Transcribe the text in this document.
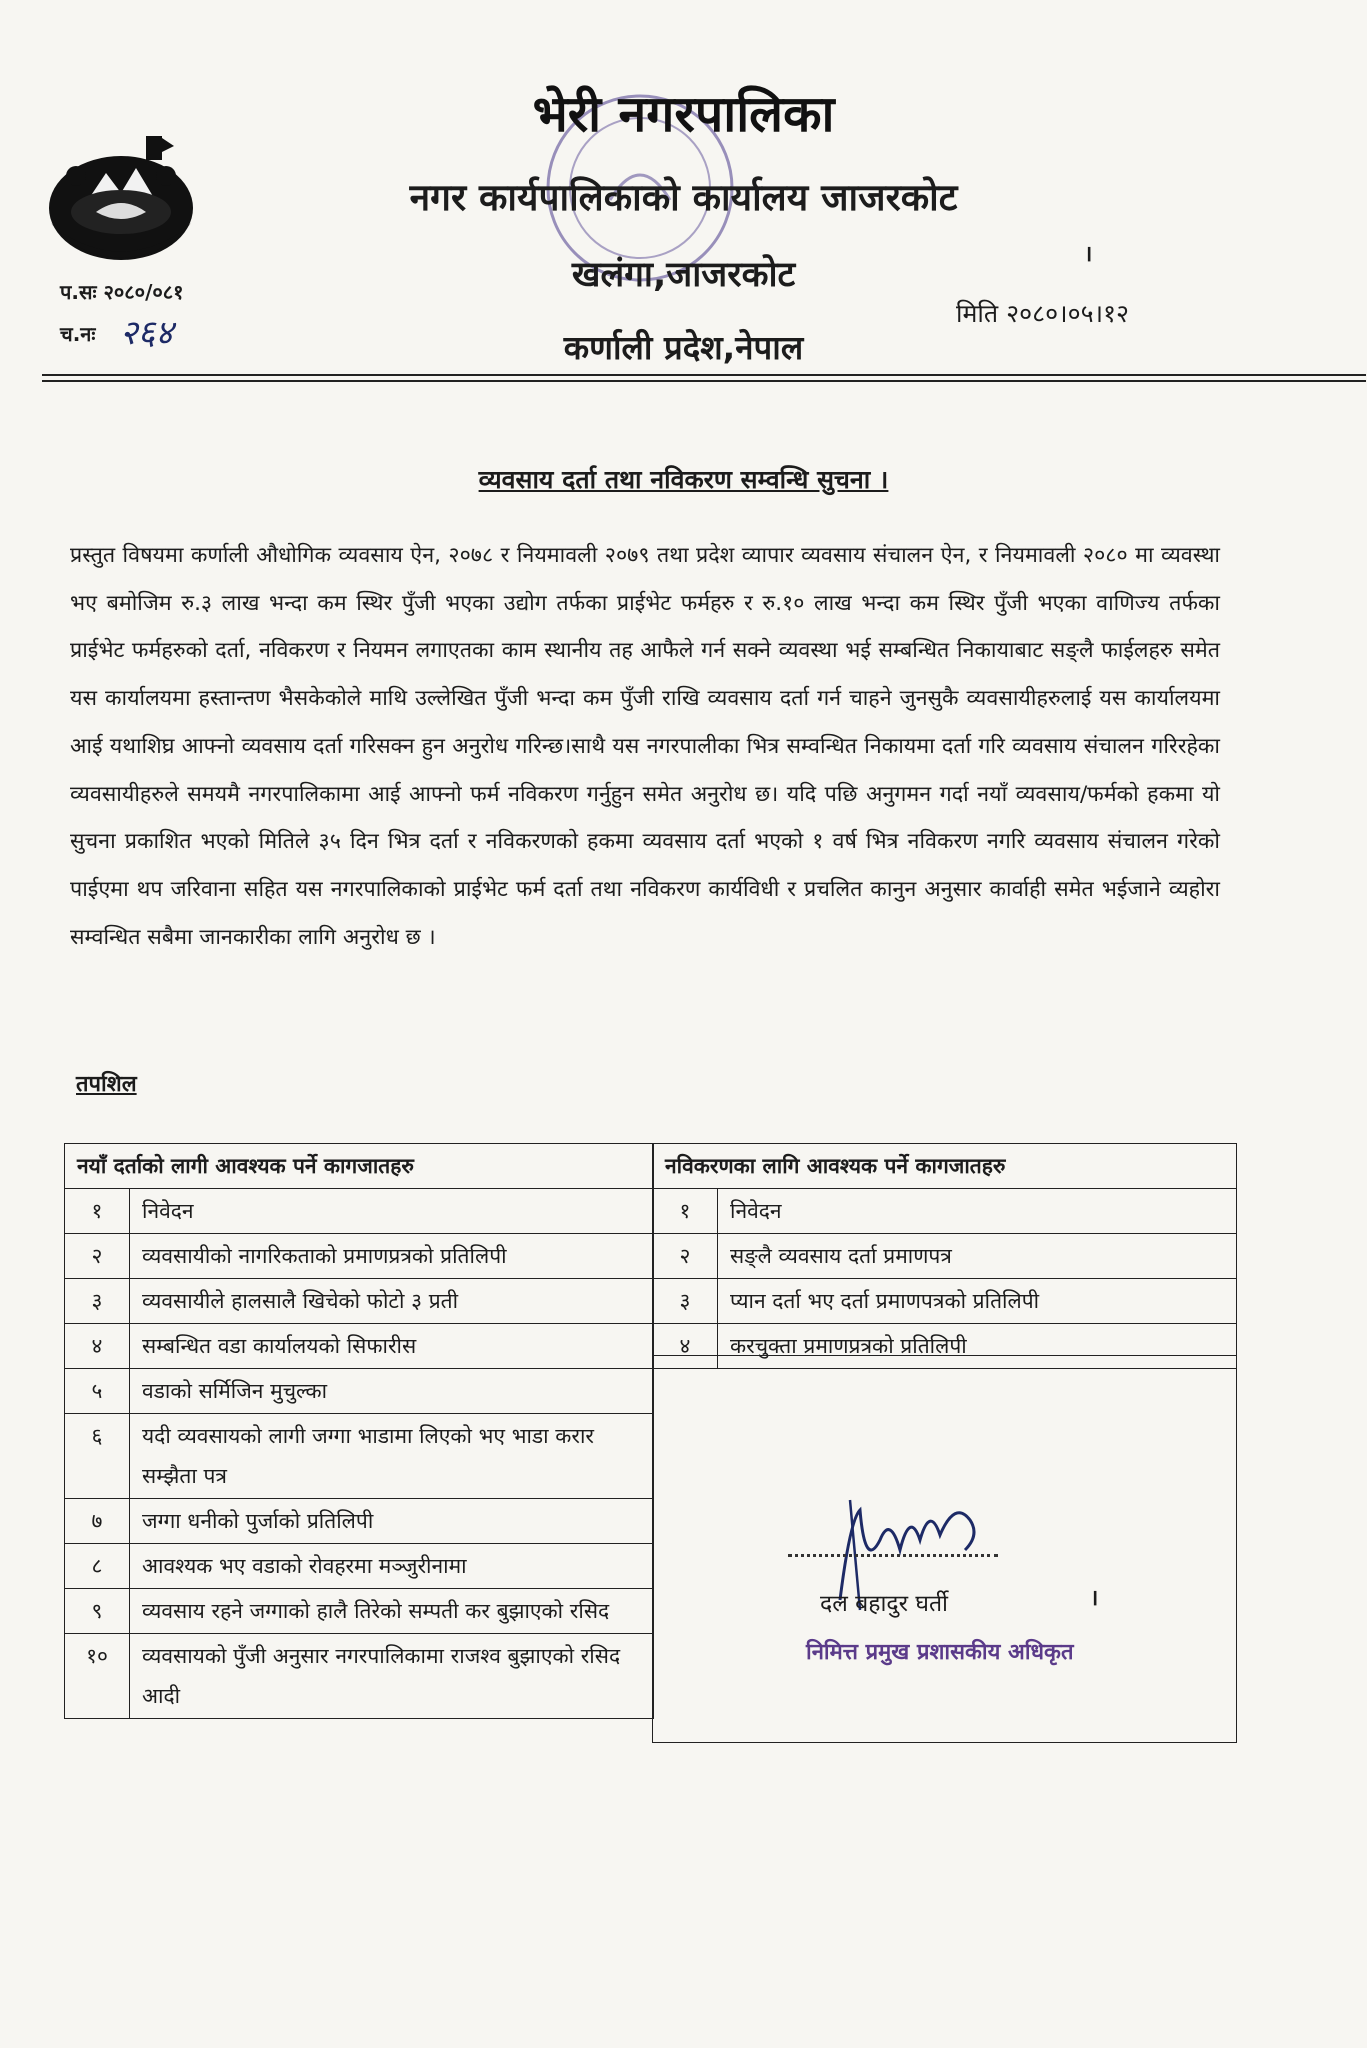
भेरी नगरपालिका
नगर कार्यपालिकाको कार्यालय जाजरकोट
खलंगा,जाजरकोट
कर्णाली प्रदेश,नेपाल
प.सः २०८०/०८१
च.नः २६४	मिति २०८०।०५।१२
।
व्यवसाय दर्ता तथा नविकरण सम्वन्धि सुचना ।
प्रस्तुत विषयमा कर्णाली औधोगिक व्यवसाय ऐन, २०७८ र नियमावली २०७९ तथा प्रदेश व्यापार व्यवसाय संचालन ऐन, र नियमावली २०८० मा व्यवस्था भए बमोजिम रु.३ लाख भन्दा कम स्थिर पुँजी भएका उद्योग तर्फका प्राईभेट फर्महरु र रु.१० लाख भन्दा कम स्थिर पुँजी भएका वाणिज्य तर्फका प्राईभेट फर्महरुको दर्ता, नविकरण र नियमन लगाएतका काम स्थानीय तह आफैले गर्न सक्ने व्यवस्था भई सम्बन्धित निकायाबाट सङ्लै फाईलहरु समेत यस कार्यालयमा हस्तान्तण भैसकेकोले माथि उल्लेखित पुँजी भन्दा कम पुँजी राखि व्यवसाय दर्ता गर्न चाहने जुनसुकै व्यवसायीहरुलाई यस कार्यालयमा आई यथाशिघ्र आफ्नो व्यवसाय दर्ता गरिसक्न हुन अनुरोध गरिन्छ।साथै यस नगरपालीका भित्र सम्वन्धित निकायमा दर्ता गरि व्यवसाय संचालन गरिरहेका व्यवसायीहरुले समयमै नगरपालिकामा आई आफ्नो फर्म नविकरण गर्नुहुन समेत अनुरोध छ। यदि पछि अनुगमन गर्दा नयाँ व्यवसाय/फर्मको हकमा यो सुचना प्रकाशित भएको मितिले ३५ दिन भित्र दर्ता र नविकरणको हकमा व्यवसाय दर्ता भएको १ वर्ष भित्र नविकरण नगरि व्यवसाय संचालन गरेको पाईएमा थप जरिवाना सहित यस नगरपालिकाको प्राईभेट फर्म दर्ता तथा नविकरण कार्यविधी र प्रचलित कानुन अनुसार कार्वाही समेत भईजाने व्यहोरा सम्वन्धित सबैमा जानकारीका लागि अनुरोध छ ।
तपशिल
नयाँ दर्ताको लागी आवश्यक पर्ने कागजातहरु	
१	निवेदन
२	व्यवसायीको नागरिकताको प्रमाणप्रत्रको प्रतिलिपी
३	व्यवसायीले हालसालै खिचेको फोटो ३ प्रती
४	सम्बन्धित वडा कार्यालयको सिफारीस
५	वडाको सर्मिजिन मुचुल्का
६	यदी व्यवसायको लागी जग्गा भाडामा लिएको भए भाडा करार सम्झैता पत्र
७	जग्गा धनीको पुर्जाको प्रतिलिपी
८	आवश्यक भए वडाको रोवहरमा मञ्जुरीनामा
९	व्यवसाय रहने जग्गाको हालै तिरेको सम्पती कर बुझाएको रसिद
१०	व्यवसायको पुँजी अनुसार नगरपालिकामा राजश्व बुझाएको रसिद आदी
नविकरणका लागि आवश्यक पर्ने कागजातहरु	
१	निवेदन
२	सङ्लै व्यवसाय दर्ता प्रमाणपत्र
३	प्यान दर्ता भए दर्ता प्रमाणपत्रको प्रतिलिपी
४	करचुक्ता प्रमाणप्रत्रको प्रतिलिपी
दल बहादुर घर्ती
निमित्त प्रमुख प्रशासकीय अधिकृत
।
